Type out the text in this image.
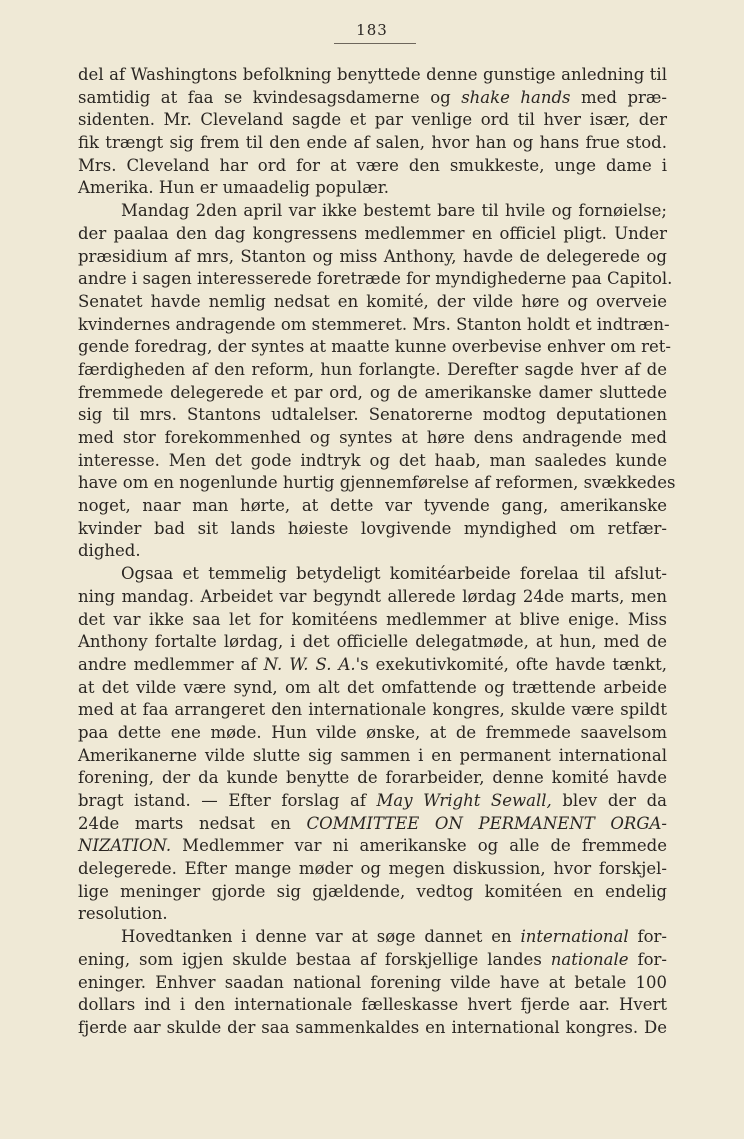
183
del af Washingtons befolkning benyttede denne gunstige anledning til
samtidig at faa se kvindesagsdamerne og shake hands med præ-
sidenten. Mr. Cleveland sagde et par venlige ord til hver især, der
fik trængt sig frem til den ende af salen, hvor han og hans frue stod.
Mrs. Cleveland har ord for at være den smukkeste, unge dame i
Amerika. Hun er umaadelig populær.
Mandag 2den april var ikke bestemt bare til hvile og fornøielse;
der paalaa den dag kongressens medlemmer en officiel pligt. Under
præsidium af mrs, Stanton og miss Anthony, havde de delegerede og
andre i sagen interesserede foretræde for myndighederne paa Capitol.
Senatet havde nemlig nedsat en komité, der vilde høre og overveie
kvindernes andragende om stemmeret. Mrs. Stanton holdt et indtræn-
gende foredrag, der syntes at maatte kunne overbevise enhver om ret-
færdigheden af den reform, hun forlangte. Derefter sagde hver af de
fremmede delegerede et par ord, og de amerikanske damer sluttede
sig til mrs. Stantons udtalelser. Senatorerne modtog deputationen
med stor forekommenhed og syntes at høre dens andragende med
interesse. Men det gode indtryk og det haab, man saaledes kunde
have om en nogenlunde hurtig gjennemførelse af reformen, svækkedes
noget, naar man hørte, at dette var tyvende gang, amerikanske
kvinder bad sit lands høieste lovgivende myndighed om retfær-
dighed.
Ogsaa et temmelig betydeligt komitéarbeide forelaa til afslut-
ning mandag. Arbeidet var begyndt allerede lørdag 24de marts, men
det var ikke saa let for komitéens medlemmer at blive enige. Miss
Anthony fortalte lørdag, i det officielle delegatmøde, at hun, med de
andre medlemmer af N. W. S. A.'s exekutivkomité, ofte havde tænkt,
at det vilde være synd, om alt det omfattende og trættende arbeide
med at faa arrangeret den internationale kongres, skulde være spildt
paa dette ene møde. Hun vilde ønske, at de fremmede saavelsom
Amerikanerne vilde slutte sig sammen i en permanent international
forening, der da kunde benytte de forarbeider, denne komité havde
bragt istand. — Efter forslag af May Wright Sewall, blev der da
24de marts nedsat en COMMITTEE ON PERMANENT ORGA-
NIZATION. Medlemmer var ni amerikanske og alle de fremmede
delegerede. Efter mange møder og megen diskussion, hvor forskjel-
lige meninger gjorde sig gjældende, vedtog komitéen en endelig
resolution.
Hovedtanken i denne var at søge dannet en international for-
ening, som igjen skulde bestaa af forskjellige landes nationale for-
eninger. Enhver saadan national forening vilde have at betale 100
dollars ind i den internationale fælleskasse hvert fjerde aar. Hvert
fjerde aar skulde der saa sammenkaldes en international kongres. De
